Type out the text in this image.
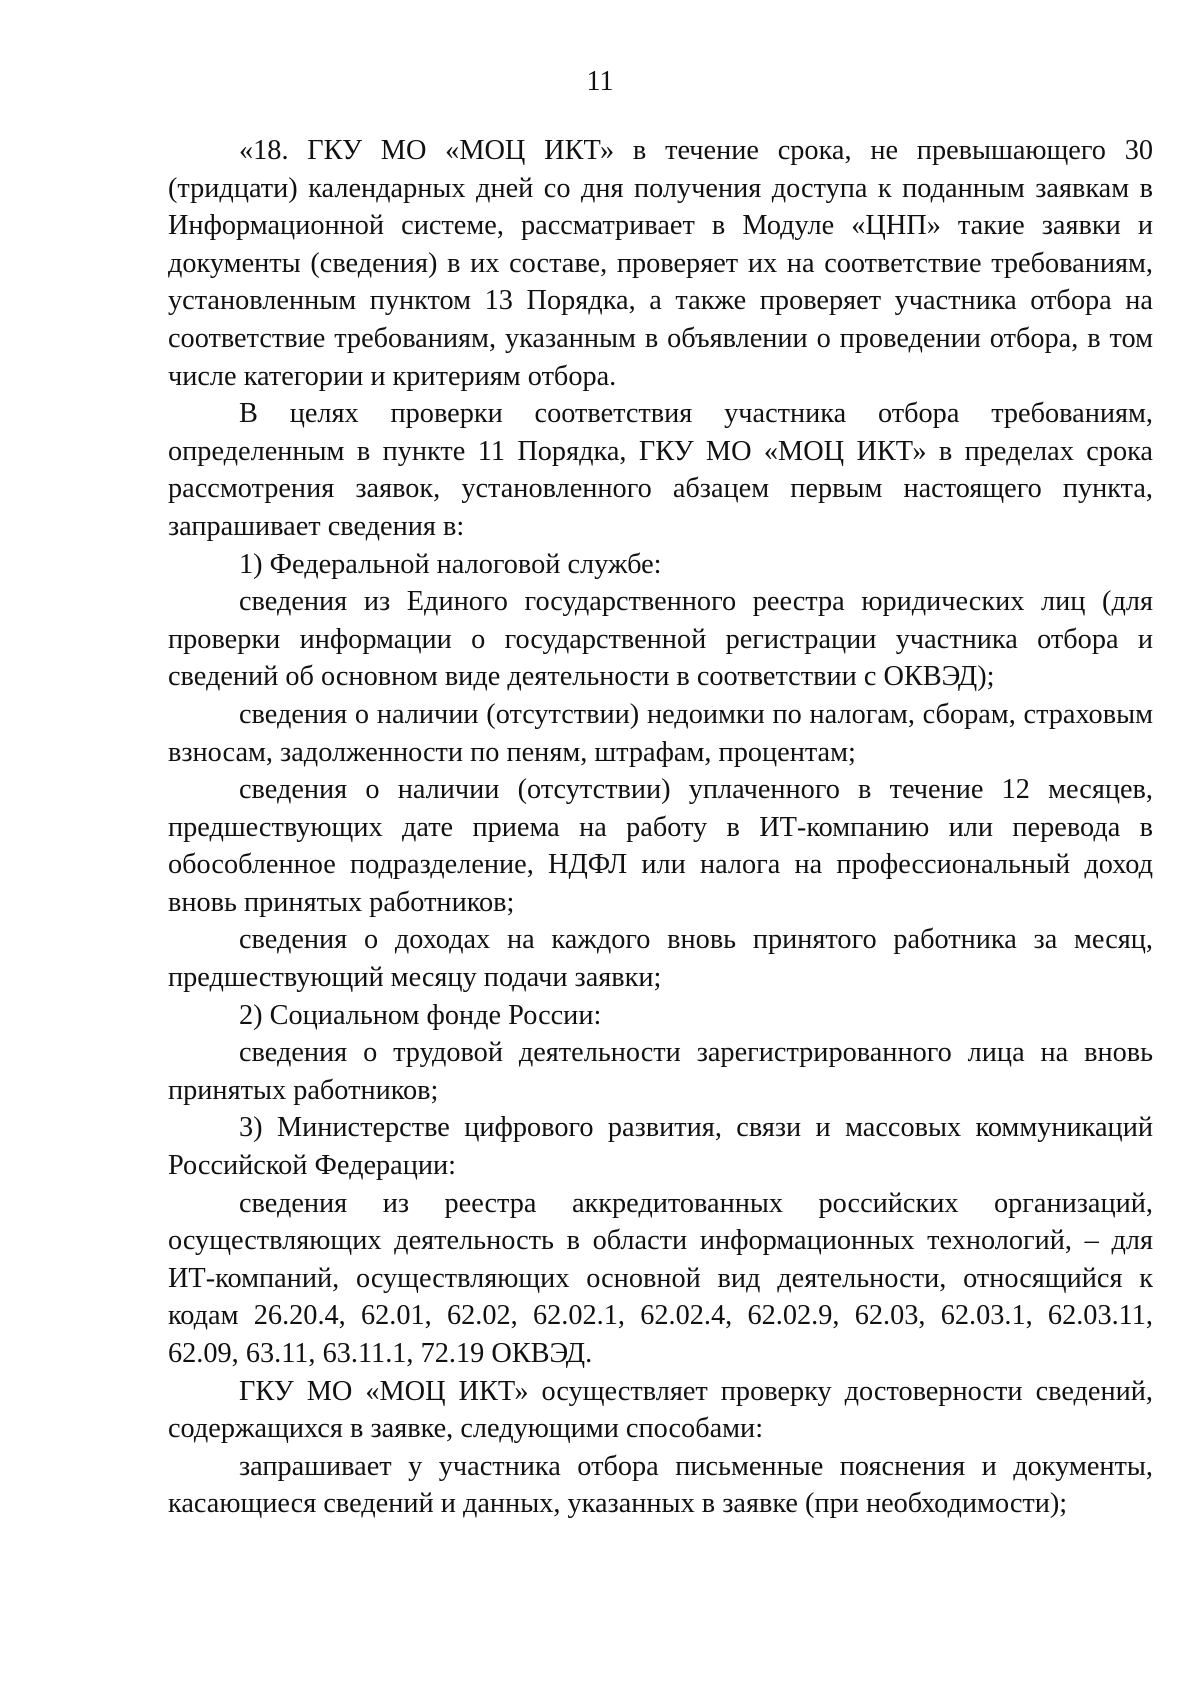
11

«18. ГКУ МО «МОЦ ИКТ» в течение срока, не превышающего 30 (тридцати) календарных дней со дня получения доступа к поданным заявкам в Информационной системе, рассматривает в Модуле «ЦНП» такие заявки и документы (сведения) в их составе, проверяет их на соответствие требованиям, установленным пунктом 13 Порядка, а также проверяет участника отбора на соответствие требованиям, указанным в объявлении о проведении отбора, в том числе категории и критериям отбора.

В целях проверки соответствия участника отбора требованиям, определенным в пункте 11 Порядка, ГКУ МО «МОЦ ИКТ» в пределах срока рассмотрения заявок, установленного абзацем первым настоящего пункта, запрашивает сведения в:

1) Федеральной налоговой службе:

сведения из Единого государственного реестра юридических лиц (для проверки информации о государственной регистрации участника отбора и сведений об основном виде деятельности в соответствии с ОКВЭД);

сведения о наличии (отсутствии) недоимки по налогам, сборам, страховым взносам, задолженности по пеням, штрафам, процентам;

сведения о наличии (отсутствии) уплаченного в течение 12 месяцев, предшествующих дате приема на работу в ИТ-компанию или перевода в обособленное подразделение, НДФЛ или налога на профессиональный доход вновь принятых работников;

сведения о доходах на каждого вновь принятого работника за месяц, предшествующий месяцу подачи заявки;

2) Социальном фонде России:

сведения о трудовой деятельности зарегистрированного лица на вновь принятых работников;

3) Министерстве цифрового развития, связи и массовых коммуникаций Российской Федерации:

сведения из реестра аккредитованных российских организаций, осуществляющих деятельность в области информационных технологий, – для ИТ-компаний, осуществляющих основной вид деятельности, относящийся к кодам 26.20.4, 62.01, 62.02, 62.02.1, 62.02.4, 62.02.9, 62.03, 62.03.1, 62.03.11, 62.09, 63.11, 63.11.1, 72.19 ОКВЭД.

ГКУ МО «МОЦ ИКТ» осуществляет проверку достоверности сведений, содержащихся в заявке, следующими способами:

запрашивает у участника отбора письменные пояснения и документы, касающиеся сведений и данных, указанных в заявке (при необходимости);
